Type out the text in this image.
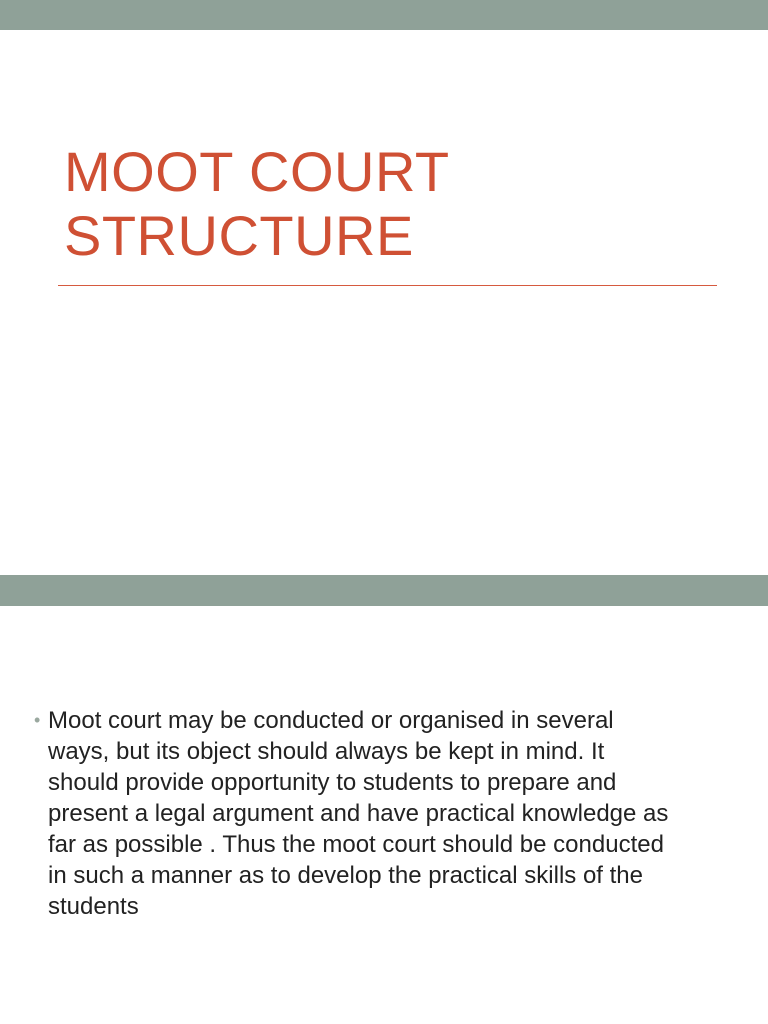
MOOT COURT
STRUCTURE
• Moot court may be conducted or organised in several
ways, but its object should always be kept in mind. It
should provide opportunity to students to prepare and
present a legal argument and have practical knowledge as
far as possible . Thus the moot court should be conducted
in such a manner as to develop the practical skills of the
students
